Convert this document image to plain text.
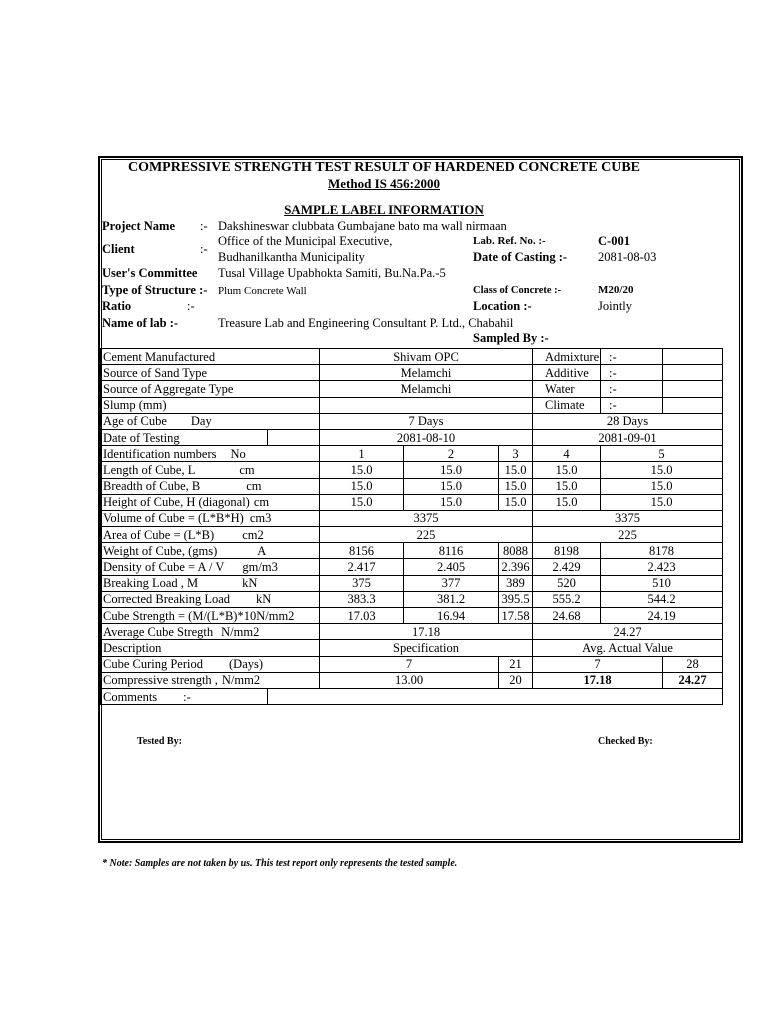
COMPRESSIVE STRENGTH TEST RESULT OF HARDENED CONCRETE CUBE
Method IS 456:2000
SAMPLE LABEL INFORMATION
Project Name :- Dakshineswar clubbata Gumbajane bato ma wall nirmaan
Client	:-
Office of the Municipal Executive,
Budhanilkantha Municipality
User's Committee Tusal Village Upabhokta Samiti, Bu.Na.Pa.-5
Type of Structure :- Plum Concrete Wall
Ratio	:-
Name of lab :-	Treasure Lab and Engineering Consultant P. Ltd., Chabahil
Lab. Ref. No. :-	C-001
Date of Casting :- 2081-08-03
Class of Concrete :-	M20/20
Location :-	Jointly
Sampled By :-
Cement Manufactured		Shivam OPC			Admixture	:-		
Source of Sand Type		Melamchi			Additive	:-		
Source of Aggregate Type		Melamchi			Water	:-		
Slump (mm)					Climate	:-		
Age of Cube Day		7 Days			28 Days			
Date of Testing		2081-08-10			2081-09-01			
Identification numbers No		1	2	3	4	5	
Length of Cube, L cm		15.0	15.0	15.0	15.0	15.0	
Breadth of Cube, B cm		15.0	15.0	15.0	15.0	15.0	
Height of Cube, H (diagonal) cm		15.0	15.0	15.0	15.0	15.0	
Volume of Cube = (L*B*H) cm3		3375			3375			
Area of Cube = (L*B) cm2		225			225			
Weight of Cube, (gms) A		8156	8116	8088	8198	8178	
Density of Cube = A / V gm/m3		2.417	2.405	2.396	2.429	2.423	
Breaking Load , M kN		375	377	389	520	510	
Corrected Breaking Load kN		383.3	381.2	395.5	555.2	544.2	
Cube Strength = (M/(L*B)*10N/mm2		17.03	16.94	17.58	24.68	24.19	
Average Cube Stregth N/mm2		17.18			24.27			
Description		Specification			Avg. Actual Value			
Cube Curing Period (Days)		7		21	7		28	
Compressive strength , N/mm2		13.00		20	17.18		24.27	
Comments :-								
Tested By:	Checked By:
* Note: Samples are not taken by us. This test report only represents the tested sample.
